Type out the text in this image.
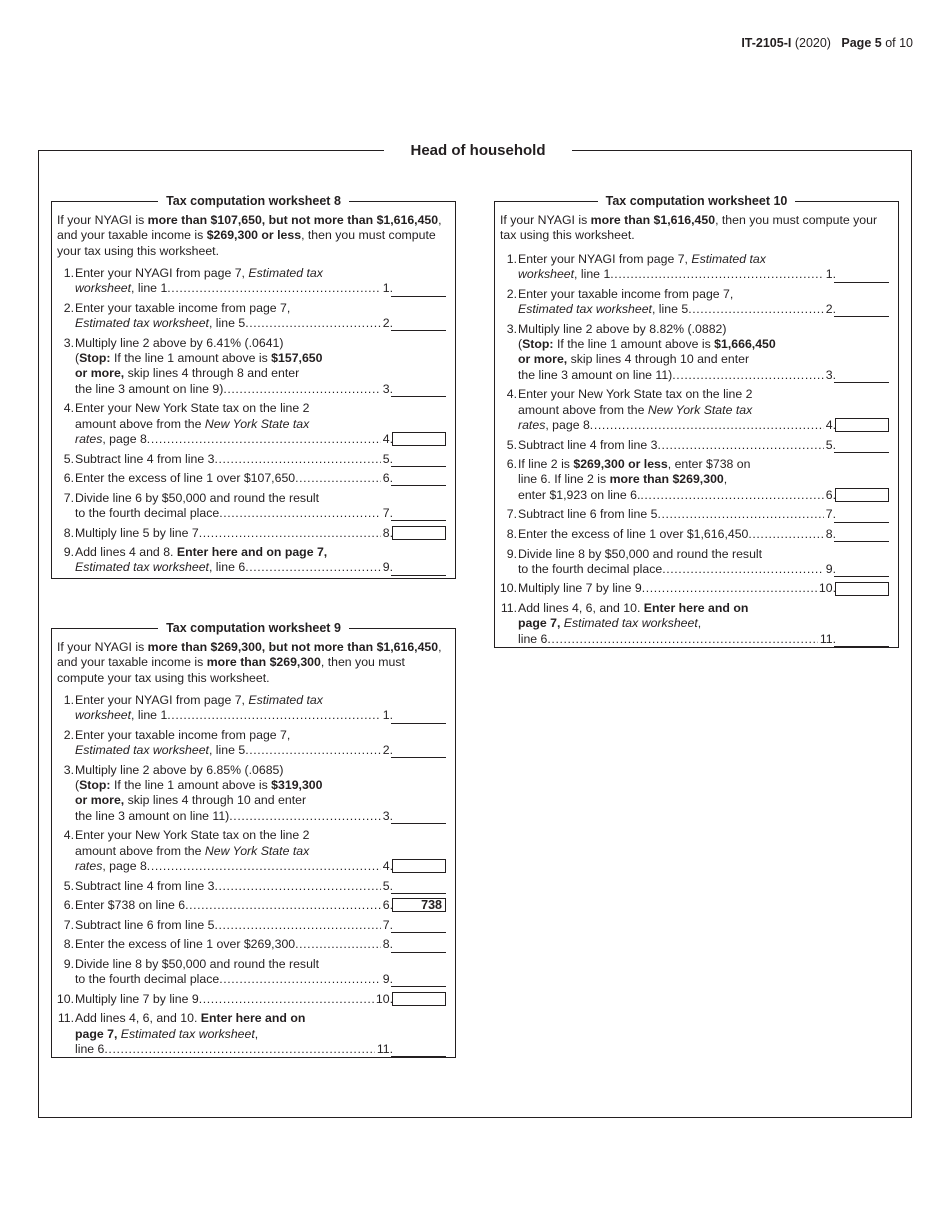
IT-2105-I (2020) Page 5 of 10
Head of household
Tax computation worksheet 8
If your NYAGI is more than $107,650, but not more than $1,616,450, and your taxable income is $269,300 or less, then you must compute your tax using this worksheet.
1. Enter your NYAGI from page 7, Estimated tax
worksheet, line 1 .....	1.
2. Enter your taxable income from page 7,
Estimated tax worksheet, line 5 .....	2.
3. Multiply line 2 above by 6.41% (.0641)
(Stop: If the line 1 amount above is $157,650
or more, skip lines 4 through 8 and enter
the line 3 amount on line 9) .....	3.
4. Enter your New York State tax on the line 2
amount above from the New York State tax
rates, page 8 .....	4.
5. Subtract line 4 from line 3 .....	5.
6. Enter the excess of line 1 over $107,650 .....	6.
7. Divide line 6 by $50,000 and round the result
to the fourth decimal place .....	7.
8. Multiply line 5 by line 7 .....	8.
9. Add lines 4 and 8. Enter here and on page 7,
Estimated tax worksheet, line 6 .....	9.
Tax computation worksheet 9
If your NYAGI is more than $269,300, but not more than $1,616,450, and your taxable income is more than $269,300, then you must compute your tax using this worksheet.
1. Enter your NYAGI from page 7, Estimated tax
worksheet, line 1 .....	1.
2. Enter your taxable income from page 7,
Estimated tax worksheet, line 5 .....	2.
3. Multiply line 2 above by 6.85% (.0685)
(Stop: If the line 1 amount above is $319,300
or more, skip lines 4 through 10 and enter
the line 3 amount on line 11) .....	3.
4. Enter your New York State tax on the line 2
amount above from the New York State tax
rates, page 8 .....	4.
5. Subtract line 4 from line 3 .....	5.
6. Enter $738 on line 6 .....	6.	738
7. Subtract line 6 from line 5 .....	7.
8. Enter the excess of line 1 over $269,300 .....	8.
9. Divide line 8 by $50,000 and round the result
to the fourth decimal place .....	9.
10. Multiply line 7 by line 9 .....	10.
11. Add lines 4, 6, and 10. Enter here and on
page 7, Estimated tax worksheet,
line 6 .....	11.
Tax computation worksheet 10
If your NYAGI is more than $1,616,450, then you must compute your tax using this worksheet.
1. Enter your NYAGI from page 7, Estimated tax
worksheet, line 1 .....	1.
2. Enter your taxable income from page 7,
Estimated tax worksheet, line 5 .....	2.
3. Multiply line 2 above by 8.82% (.0882)
(Stop: If the line 1 amount above is $1,666,450
or more, skip lines 4 through 10 and enter
the line 3 amount on line 11) .....	3.
4. Enter your New York State tax on the line 2
amount above from the New York State tax
rates, page 8 .....	4.
5. Subtract line 4 from line 3 .....	5.
6. If line 2 is $269,300 or less, enter $738 on
line 6. If line 2 is more than $269,300,
enter $1,923 on line 6. .....	6.
7. Subtract line 6 from line 5 .....	7.
8. Enter the excess of line 1 over $1,616,450 .....	8.
9. Divide line 8 by $50,000 and round the result
to the fourth decimal place .....	9.
10. Multiply line 7 by line 9 .....	10.
11. Add lines 4, 6, and 10. Enter here and on
page 7, Estimated tax worksheet,
line 6 .....	11.
